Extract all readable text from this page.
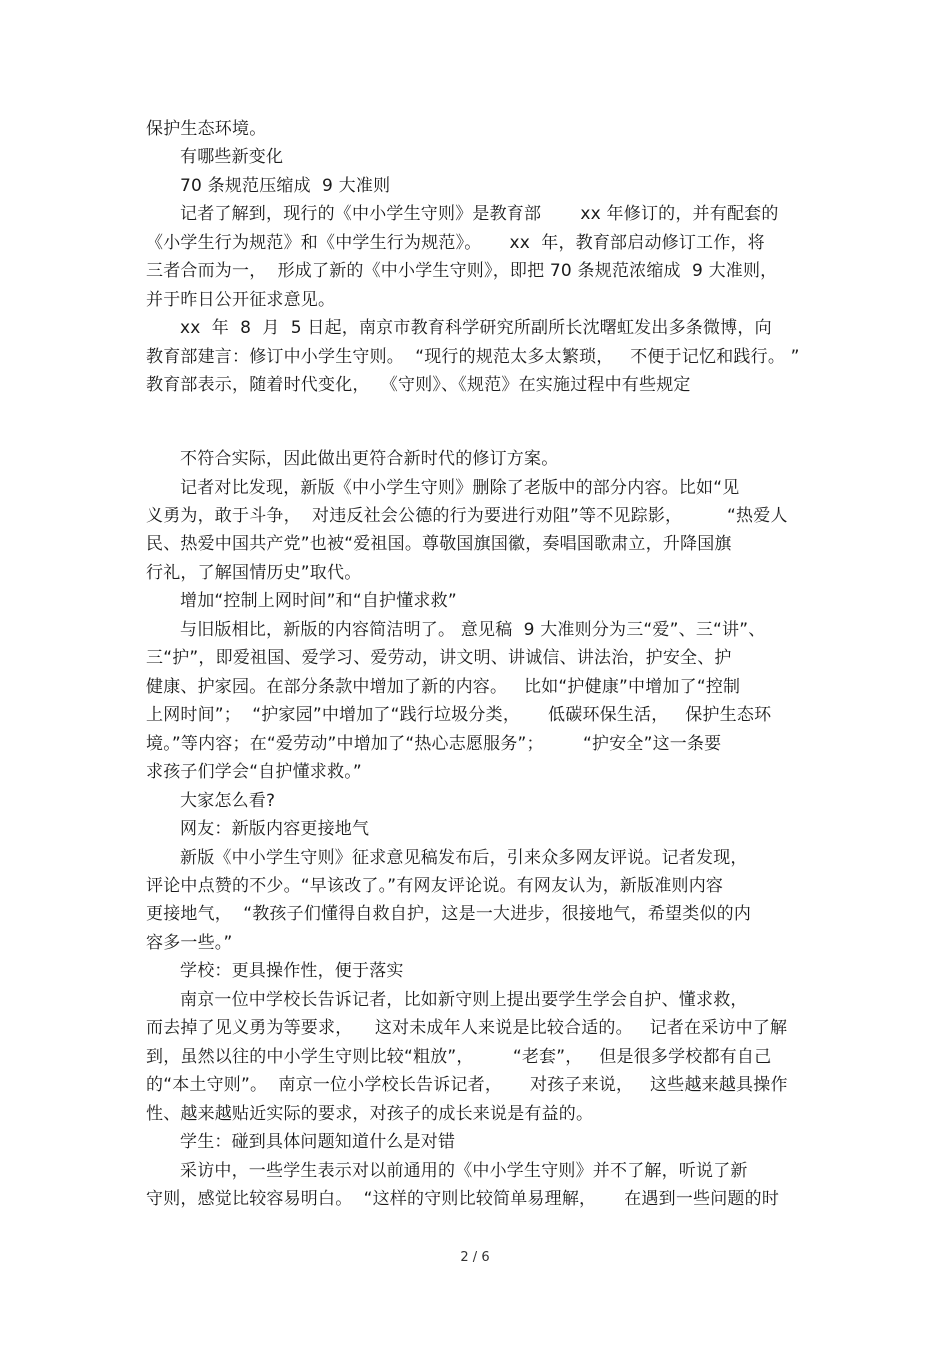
保护生态环境。
有哪些新变化
70 条规范压缩成  9 大准则
记者了解到，现行的《中小学生守则》是教育部       xx 年修订的，并有配套的
《小学生行为规范》和《中学生行为规范》。     xx  年，教育部启动修订工作，将
三者合而为一，  形成了新的《中小学生守则》，即把 70 条规范浓缩成  9 大准则，
并于昨日公开征求意见。
xx  年  8  月  5 日起，南京市教育科学研究所副所长沈曙虹发出多条微博，向
教育部建言：修订中小学生守则。  “现行的规范太多太繁琐，   不便于记忆和践行。 ”
教育部表示，随着时代变化，  《守则》、《规范》在实施过程中有些规定
不符合实际，因此做出更符合新时代的修订方案。
记者对比发现，新版《中小学生守则》删除了老版中的部分内容。比如“见
义勇为，敢于斗争，  对违反社会公德的行为要进行劝阻”等不见踪影，        “热爱人
民、热爱中国共产党”也被“爱祖国。尊敬国旗国徽，奏唱国歌肃立，升降国旗
行礼，了解国情历史”取代。
增加“控制上网时间”和“自护懂求救”
与旧版相比，新版的内容简洁明了。 意见稿  9 大准则分为三“爱”、三“讲”、
三“护”，即爱祖国、爱学习、爱劳动，讲文明、讲诚信、讲法治，护安全、护
健康、护家园。在部分条款中增加了新的内容。   比如“护健康”中增加了“控制
上网时间”；  “护家园”中增加了“践行垃圾分类，     低碳环保生活，   保护生态环
境。”等内容；在“爱劳动”中增加了“热心志愿服务”；       “护安全”这一条要
求孩子们学会“自护懂求救。”
大家怎么看?
网友：新版内容更接地气
新版《中小学生守则》征求意见稿发布后，引来众多网友评说。记者发现，
评论中点赞的不少。“早该改了。”有网友评论说。有网友认为，新版准则内容
更接地气，  “教孩子们懂得自救自护，这是一大进步，很接地气，希望类似的内
容多一些。”
学校：更具操作性，便于落实
南京一位中学校长告诉记者，比如新守则上提出要学生学会自护、懂求救，
而去掉了见义勇为等要求，    这对未成年人来说是比较合适的。   记者在采访中了解
到，虽然以往的中小学生守则比较“粗放”，       “老套”，   但是很多学校都有自己
的“本土守则”。  南京一位小学校长告诉记者，     对孩子来说，   这些越来越具操作
性、越来越贴近实际的要求，对孩子的成长来说是有益的。
学生：碰到具体问题知道什么是对错
采访中，一些学生表示对以前通用的《中小学生守则》并不了解，听说了新
守则，感觉比较容易明白。  “这样的守则比较简单易理解，     在遇到一些问题的时
2 / 6
